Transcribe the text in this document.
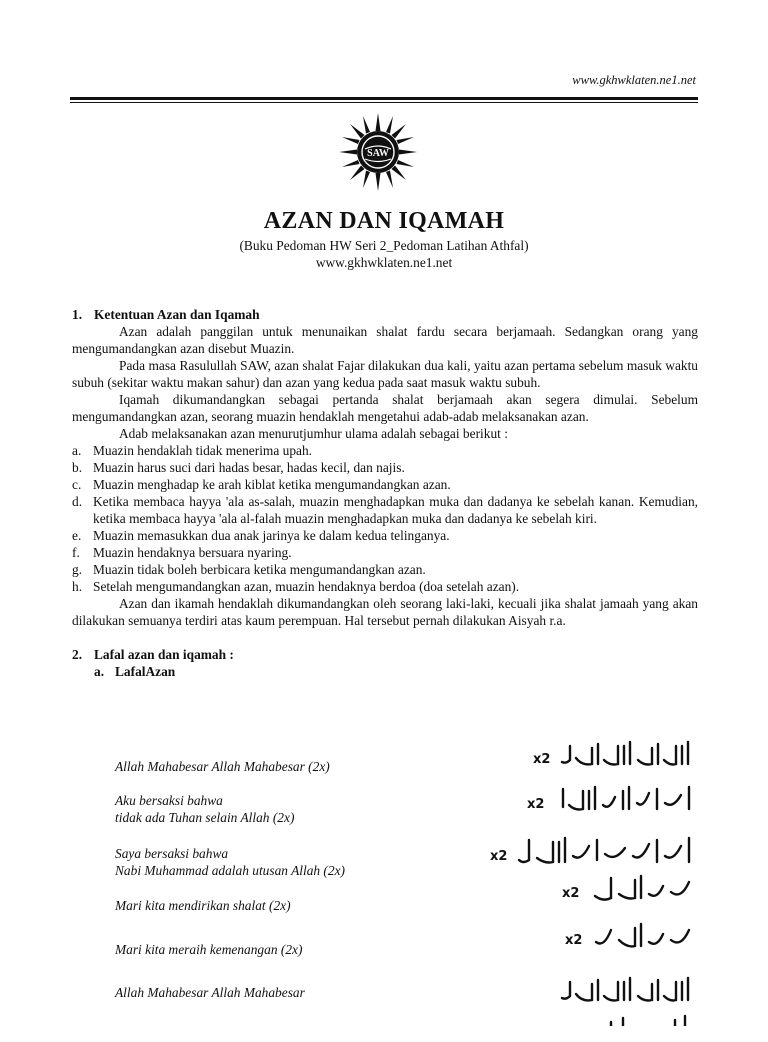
www.gkhwklaten.ne1.net
SAW
AZAN DAN IQAMAH
(Buku Pedoman HW Seri 2_Pedoman Latihan Athfal)
www.gkhwklaten.ne1.net
1. Ketentuan Azan dan Iqamah

Azan adalah panggilan untuk menunaikan shalat fardu secara berjamaah. Sedangkan orang yang mengumandangkan azan disebut Muazin.

Pada masa Rasulullah SAW, azan shalat Fajar dilakukan dua kali, yaitu azan pertama sebelum masuk waktu subuh (sekitar waktu makan sahur) dan azan yang kedua pada saat masuk waktu subuh.

Iqamah dikumandangkan sebagai pertanda shalat berjamaah akan segera dimulai. Sebelum mengumandangkan azan, seorang muazin hendaklah mengetahui adab-adab melaksanakan azan.

Adab melaksanakan azan menurutjumhur ulama adalah sebagai berikut :

a. Muazin hendaklah tidak menerima upah.
b. Muazin harus suci dari hadas besar, hadas kecil, dan najis.
c. Muazin menghadap ke arah kiblat ketika mengumandangkan azan.
d. Ketika membaca hayya 'ala as-salah, muazin menghadapkan muka dan dadanya ke sebelah kanan. Kemudian, ketika membaca hayya 'ala al-falah muazin menghadapkan muka dan dadanya ke sebelah kiri.
e. Muazin memasukkan dua anak jarinya ke dalam kedua telinganya.
f. Muazin hendaknya bersuara nyaring.
g. Muazin tidak boleh berbicara ketika mengumandangkan azan.
h. Setelah mengumandangkan azan, muazin hendaknya berdoa (doa setelah azan).

Azan dan ikamah hendaklah dikumandangkan oleh seorang laki-laki, kecuali jika shalat jamaah yang akan dilakukan semuanya terdiri atas kaum perempuan. Hal tersebut pernah dilakukan Aisyah r.a.

2. Lafal azan dan iqamah :
a. LafalAzan
Allah Mahabesar Allah Mahabesar (2x)
Aku bersaksi bahwa
tidak ada Tuhan selain Allah (2x)
Saya bersaksi bahwa
Nabi Muhammad adalah utusan Allah (2x)
Mari kita mendirikan shalat (2x)
Mari kita meraih kemenangan (2x)
Allah Mahabesar Allah Mahabesar
x2
x2
x2
x2
x2
